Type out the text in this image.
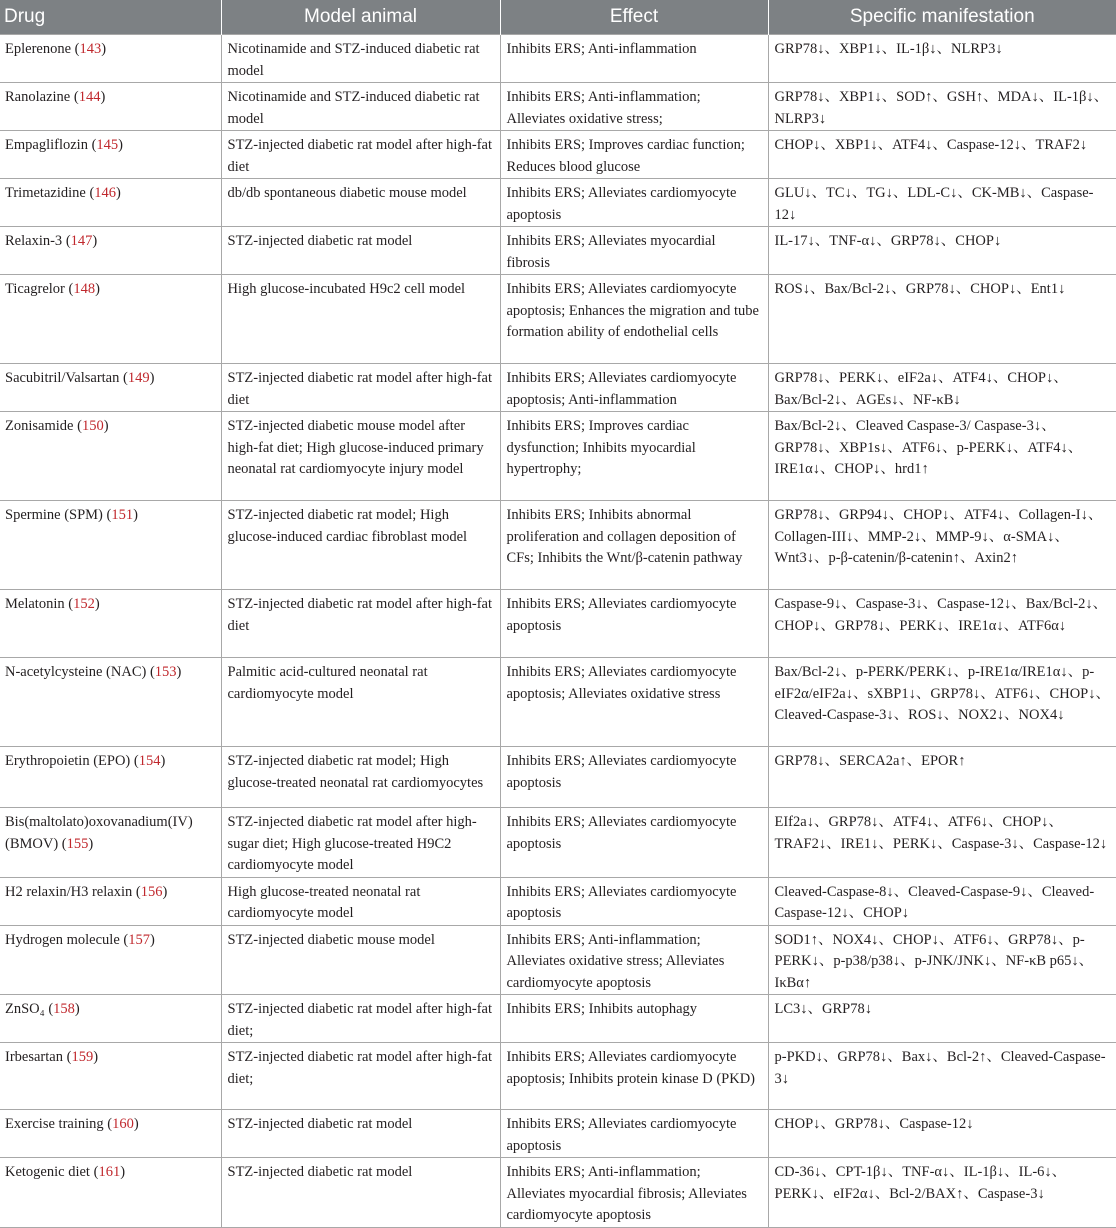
Drug	Model animal	Effect	Specific manifestation
Eplerenone (143)	Nicotinamide and STZ-induced diabetic rat model	Inhibits ERS; Anti-inflammation	GRP78↓、XBP1↓、IL-1β↓、NLRP3↓
Ranolazine (144)	Nicotinamide and STZ-induced diabetic rat model	Inhibits ERS; Anti-inflammation; Alleviates oxidative stress;	GRP78↓、XBP1↓、SOD↑、GSH↑、MDA↓、IL-1β↓、NLRP3↓
Empagliflozin (145)	STZ-injected diabetic rat model after high-fat diet	Inhibits ERS; Improves cardiac function; Reduces blood glucose	CHOP↓、XBP1↓、ATF4↓、Caspase-12↓、TRAF2↓
Trimetazidine (146)	db/db spontaneous diabetic mouse model	Inhibits ERS; Alleviates cardiomyocyte apoptosis	GLU↓、TC↓、TG↓、LDL-C↓、CK-MB↓、Caspase-12↓
Relaxin-3 (147)	STZ-injected diabetic rat model	Inhibits ERS; Alleviates myocardial fibrosis	IL-17↓、TNF-α↓、GRP78↓、CHOP↓
Ticagrelor (148)	High glucose-incubated H9c2 cell model	Inhibits ERS; Alleviates cardiomyocyte apoptosis; Enhances the migration and tube formation ability of endothelial cells	ROS↓、Bax/Bcl-2↓、GRP78↓、CHOP↓、Ent1↓
Sacubitril/Valsartan (149)	STZ-injected diabetic rat model after high-fat diet	Inhibits ERS; Alleviates cardiomyocyte apoptosis; Anti-inflammation	GRP78↓、PERK↓、eIF2a↓、ATF4↓、CHOP↓、Bax/Bcl-2↓、AGEs↓、NF-κB↓
Zonisamide (150)	STZ-injected diabetic mouse model after high-fat diet; High glucose-induced primary neonatal rat cardiomyocyte injury model	Inhibits ERS; Improves cardiac dysfunction; Inhibits myocardial hypertrophy;	Bax/Bcl-2↓、Cleaved Caspase-3/ Caspase-3↓、GRP78↓、XBP1s↓、ATF6↓、p-PERK↓、ATF4↓、IRE1α↓、CHOP↓、hrd1↑
Spermine (SPM) (151)	STZ-injected diabetic rat model; High glucose-induced cardiac fibroblast model	Inhibits ERS; Inhibits abnormal proliferation and collagen deposition of CFs; Inhibits the Wnt/β-catenin pathway	GRP78↓、GRP94↓、CHOP↓、ATF4↓、Collagen-I↓、Collagen-III↓、MMP-2↓、MMP-9↓、α-SMA↓、Wnt3↓、p-β-catenin/β-catenin↑、Axin2↑
Melatonin (152)	STZ-injected diabetic rat model after high-fat diet	Inhibits ERS; Alleviates cardiomyocyte apoptosis	Caspase-9↓、Caspase-3↓、Caspase-12↓、Bax/Bcl-2↓、CHOP↓、GRP78↓、PERK↓、IRE1α↓、ATF6α↓
N-acetylcysteine (NAC) (153)	Palmitic acid-cultured neonatal rat cardiomyocyte model	Inhibits ERS; Alleviates cardiomyocyte apoptosis; Alleviates oxidative stress	Bax/Bcl-2↓、p-PERK/PERK↓、p-IRE1α/IRE1α↓、p-eIF2α/eIF2a↓、sXBP1↓、GRP78↓、ATF6↓、CHOP↓、Cleaved-Caspase-3↓、ROS↓、NOX2↓、NOX4↓
Erythropoietin (EPO) (154)	STZ-injected diabetic rat model; High glucose-treated neonatal rat cardiomyocytes	Inhibits ERS; Alleviates cardiomyocyte apoptosis	GRP78↓、SERCA2a↑、EPOR↑
Bis(maltolato)oxovanadium(IV) (BMOV) (155)	STZ-injected diabetic rat model after high-sugar diet; High glucose-treated H9C2 cardiomyocyte model	Inhibits ERS; Alleviates cardiomyocyte apoptosis	EIf2a↓、GRP78↓、ATF4↓、ATF6↓、CHOP↓、TRAF2↓、IRE1↓、PERK↓、Caspase-3↓、Caspase-12↓
H2 relaxin/H3 relaxin (156)	High glucose-treated neonatal rat cardiomyocyte model	Inhibits ERS; Alleviates cardiomyocyte apoptosis	Cleaved-Caspase-8↓、Cleaved-Caspase-9↓、Cleaved-Caspase-12↓、CHOP↓
Hydrogen molecule (157)	STZ-injected diabetic mouse model	Inhibits ERS; Anti-inflammation; Alleviates oxidative stress; Alleviates cardiomyocyte apoptosis	SOD1↑、NOX4↓、CHOP↓、ATF6↓、GRP78↓、p-PERK↓、p-p38/p38↓、p-JNK/JNK↓、NF-κB p65↓、IκBα↑
ZnSO₄ (158)	STZ-injected diabetic rat model after high-fat diet;	Inhibits ERS; Inhibits autophagy	LC3↓、GRP78↓
Irbesartan (159)	STZ-injected diabetic rat model after high-fat diet;	Inhibits ERS; Alleviates cardiomyocyte apoptosis; Inhibits protein kinase D (PKD)	p-PKD↓、GRP78↓、Bax↓、Bcl-2↑、Cleaved-Caspase-3↓
Exercise training (160)	STZ-injected diabetic rat model	Inhibits ERS; Alleviates cardiomyocyte apoptosis	CHOP↓、GRP78↓、Caspase-12↓
Ketogenic diet (161)	STZ-injected diabetic rat model	Inhibits ERS; Anti-inflammation; Alleviates myocardial fibrosis; Alleviates cardiomyocyte apoptosis	CD-36↓、CPT-1β↓、TNF-α↓、IL-1β↓、IL-6↓、PERK↓、eIF2α↓、Bcl-2/BAX↑、Caspase-3↓
